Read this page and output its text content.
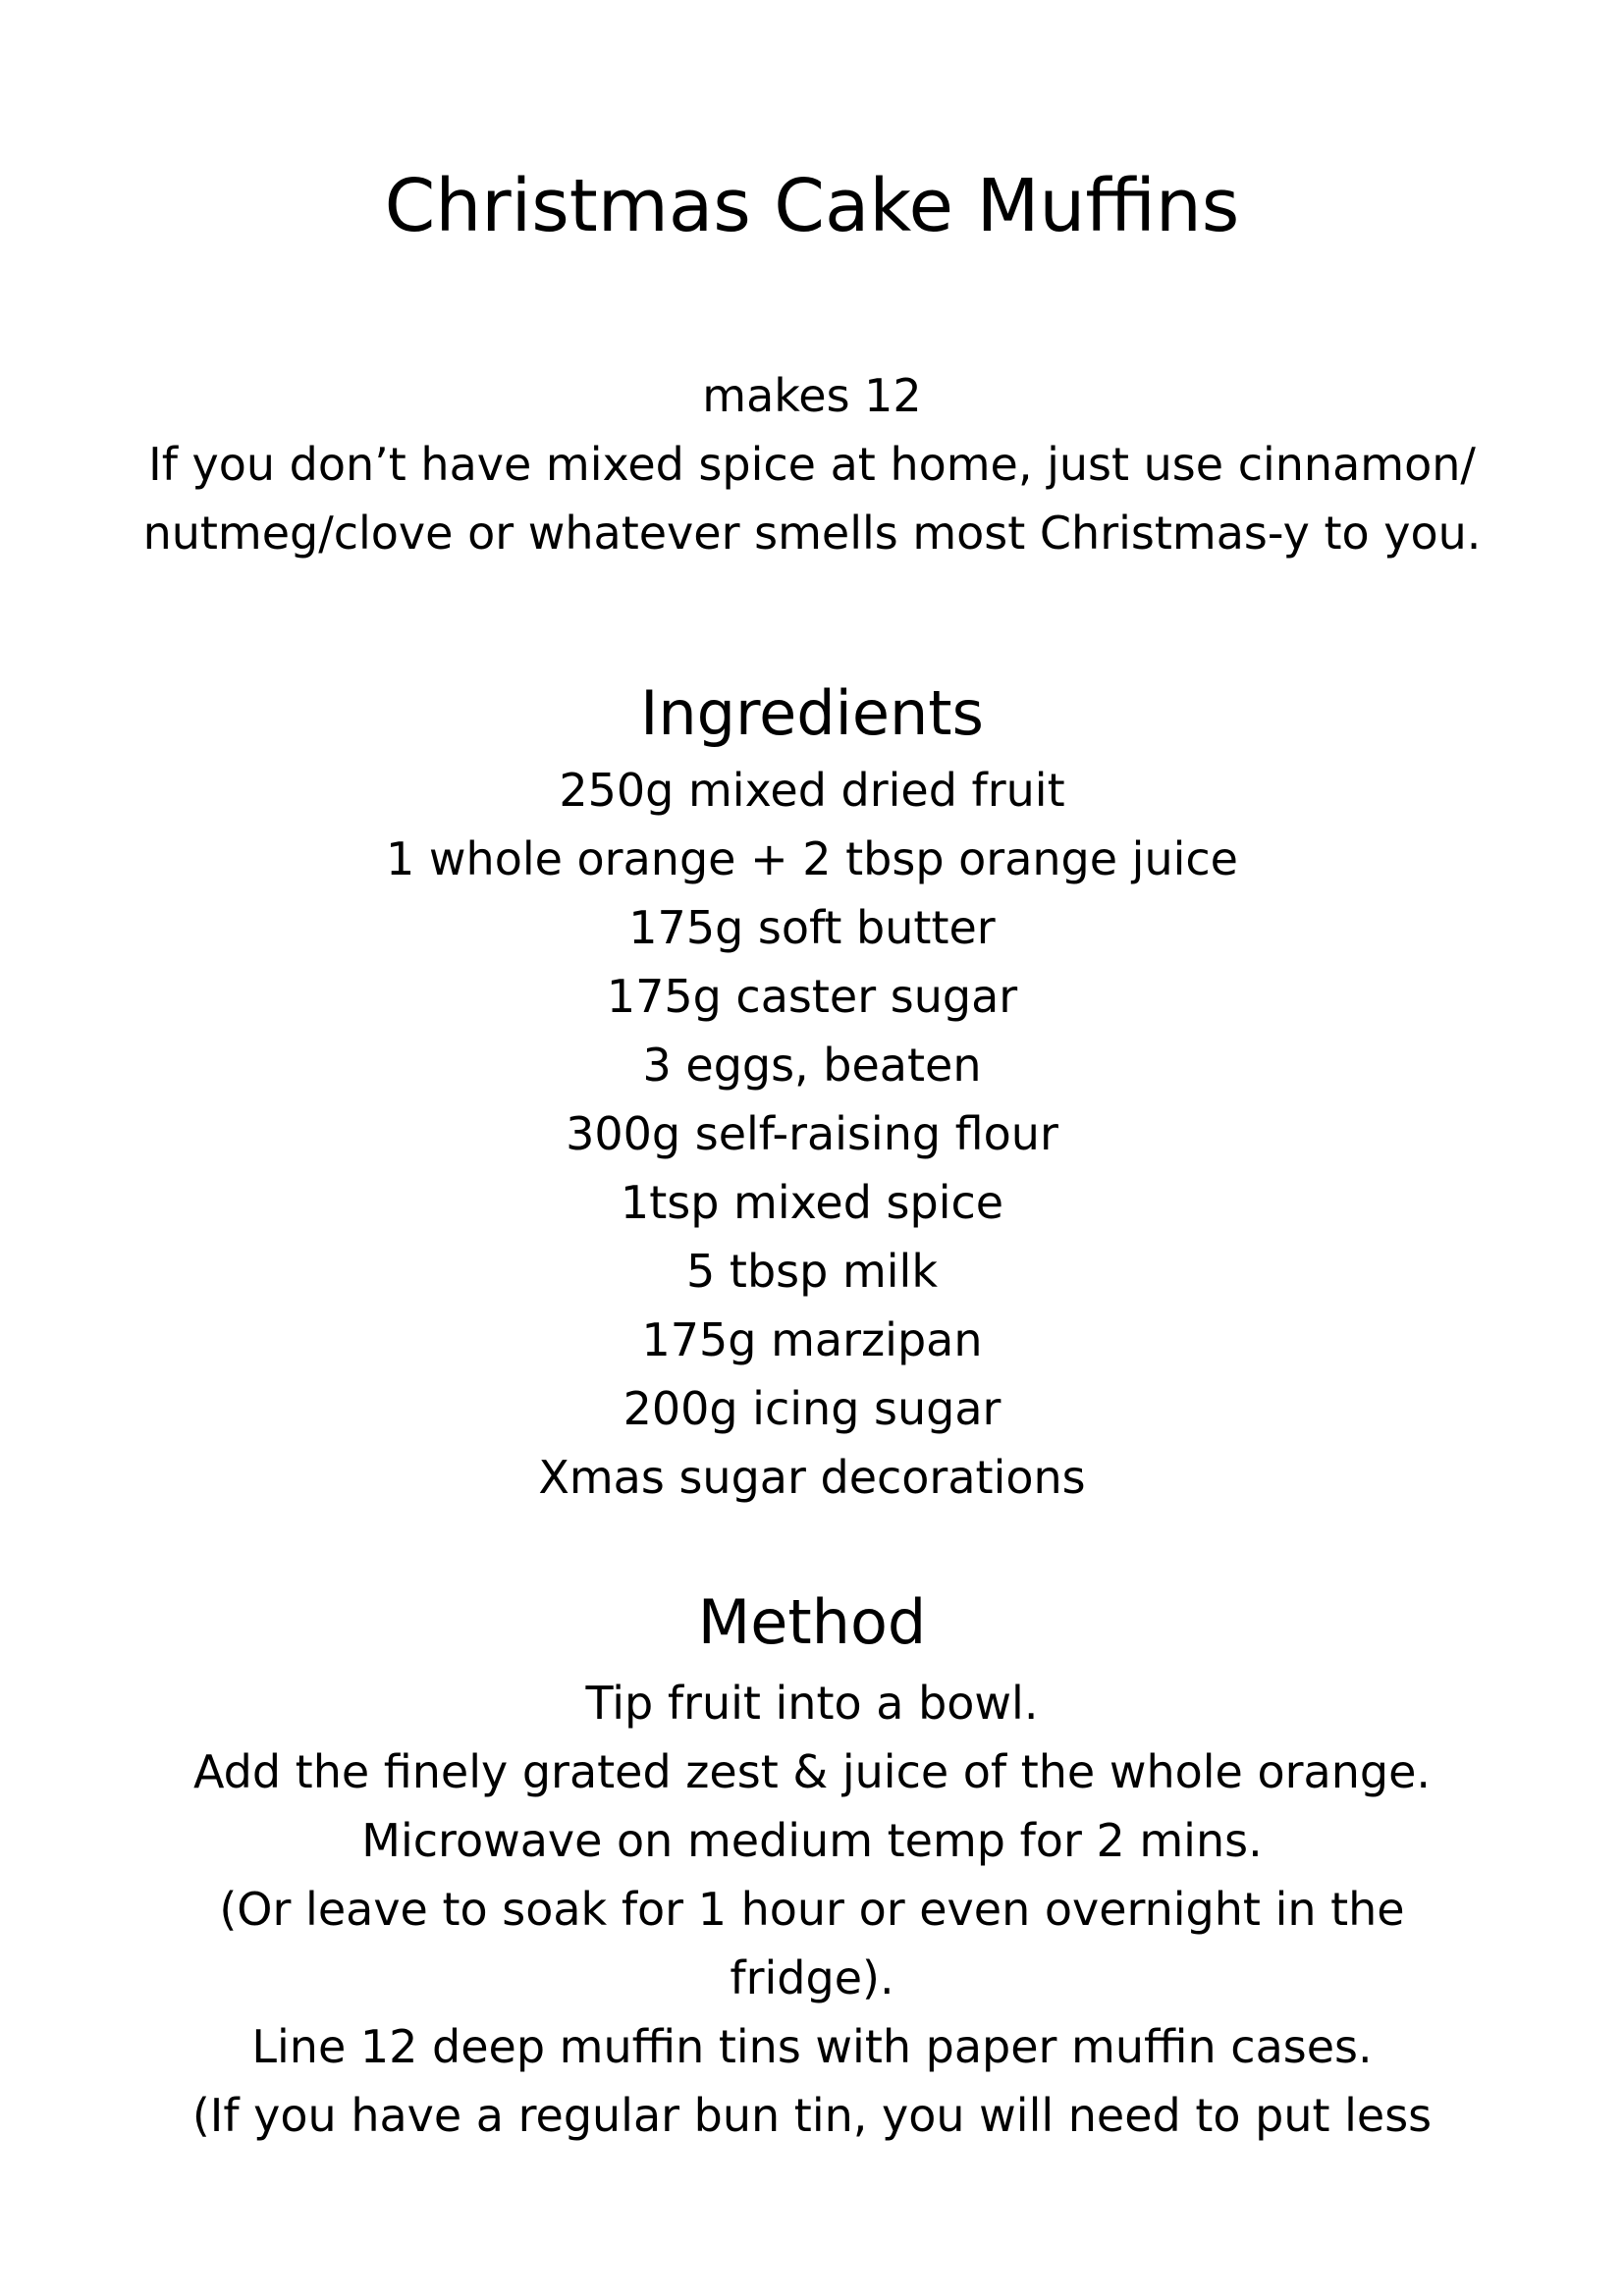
Christmas Cake Muffins
makes 12
If you don’t have mixed spice at home, just use cinnamon/
nutmeg/clove or whatever smells most Christmas-y to you.
Ingredients
250g mixed dried fruit
1 whole orange + 2 tbsp orange juice
175g soft butter
175g caster sugar
3 eggs, beaten
300g self-raising flour
1tsp mixed spice
5 tbsp milk
175g marzipan
200g icing sugar
Xmas sugar decorations
Method
Tip fruit into a bowl.
Add the finely grated zest & juice of the whole orange.
Microwave on medium temp for 2 mins.
(Or leave to soak for 1 hour or even overnight in the
fridge).
Line 12 deep muffin tins with paper muffin cases.
(If you have a regular bun tin, you will need to put less
